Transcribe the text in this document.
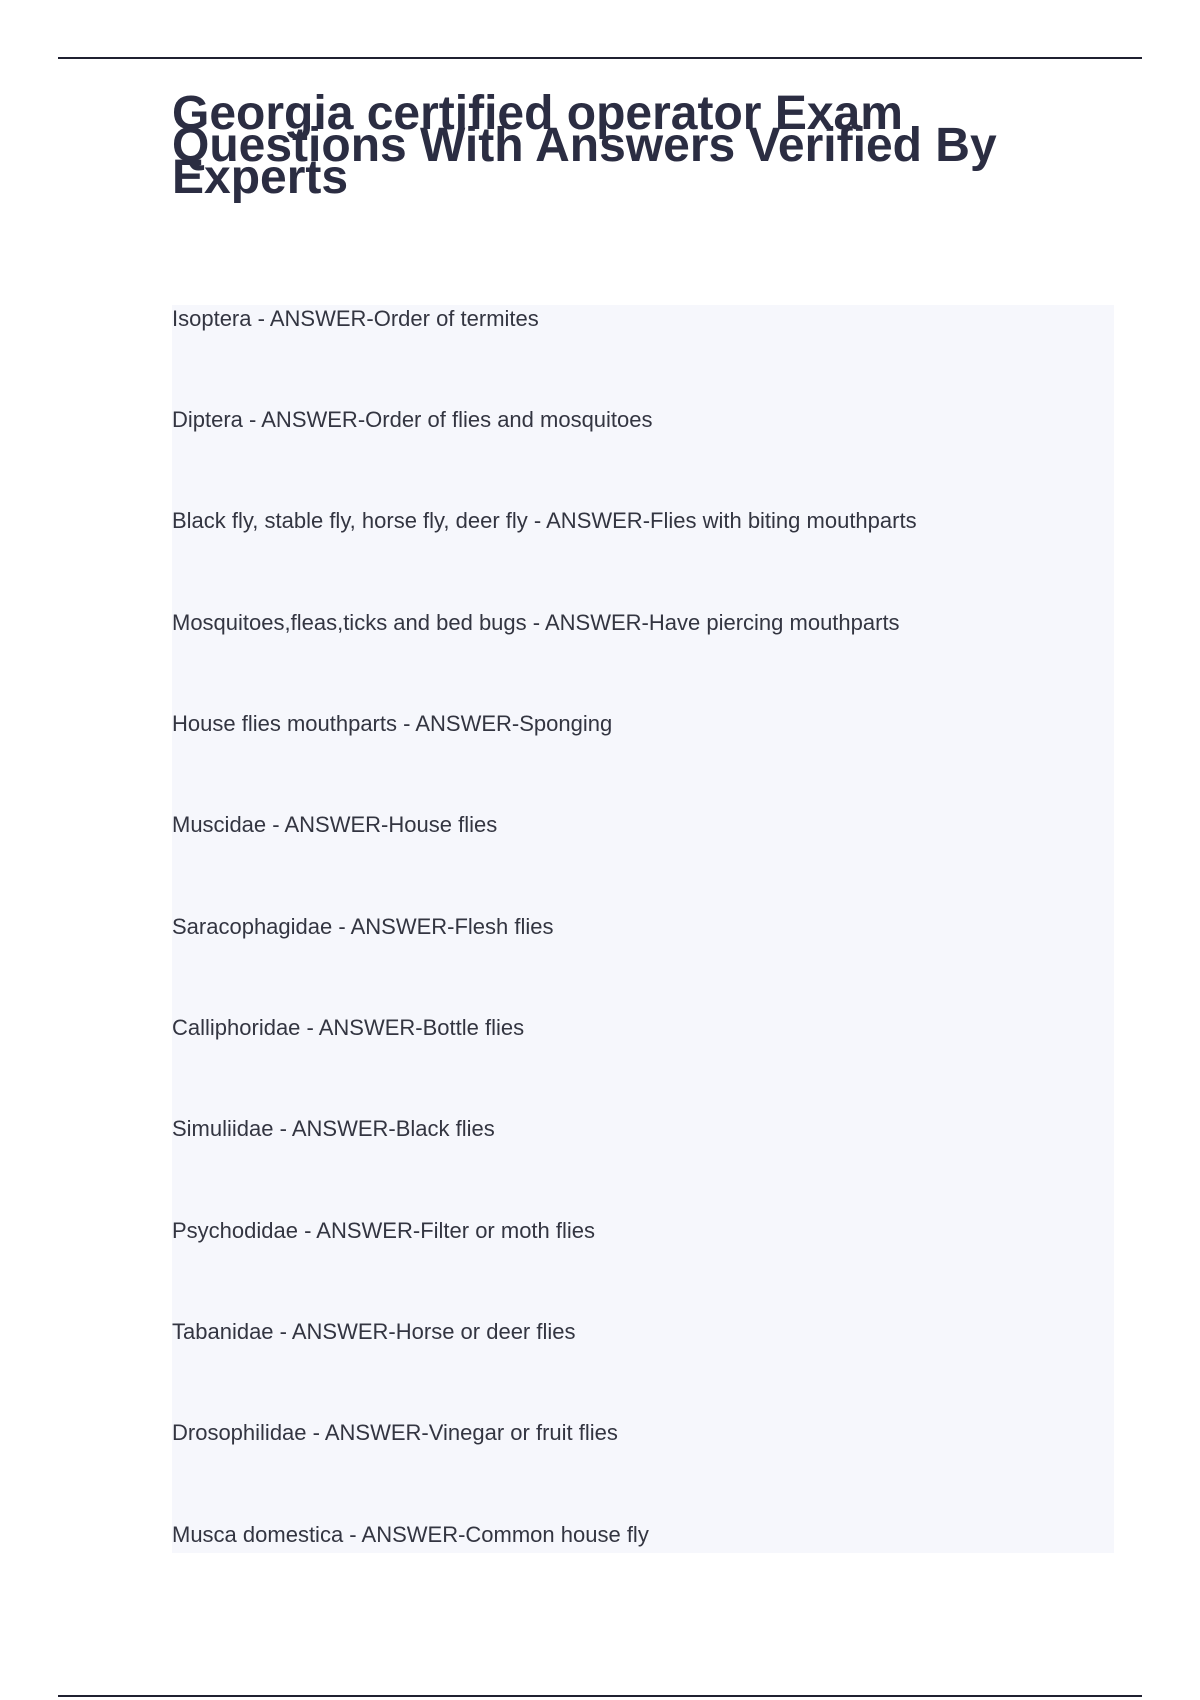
Georgia certified operator Exam Questions With Answers Verified By Experts
Isoptera - ANSWER-Order of termites
Diptera - ANSWER-Order of flies and mosquitoes
Black fly, stable fly, horse fly, deer fly - ANSWER-Flies with biting mouthparts
Mosquitoes,fleas,ticks and bed bugs - ANSWER-Have piercing mouthparts
House flies mouthparts - ANSWER-Sponging
Muscidae - ANSWER-House flies
Saracophagidae - ANSWER-Flesh flies
Calliphoridae - ANSWER-Bottle flies
Simuliidae - ANSWER-Black flies
Psychodidae - ANSWER-Filter or moth flies
Tabanidae - ANSWER-Horse or deer flies
Drosophilidae - ANSWER-Vinegar or fruit flies
Musca domestica - ANSWER-Common house fly
